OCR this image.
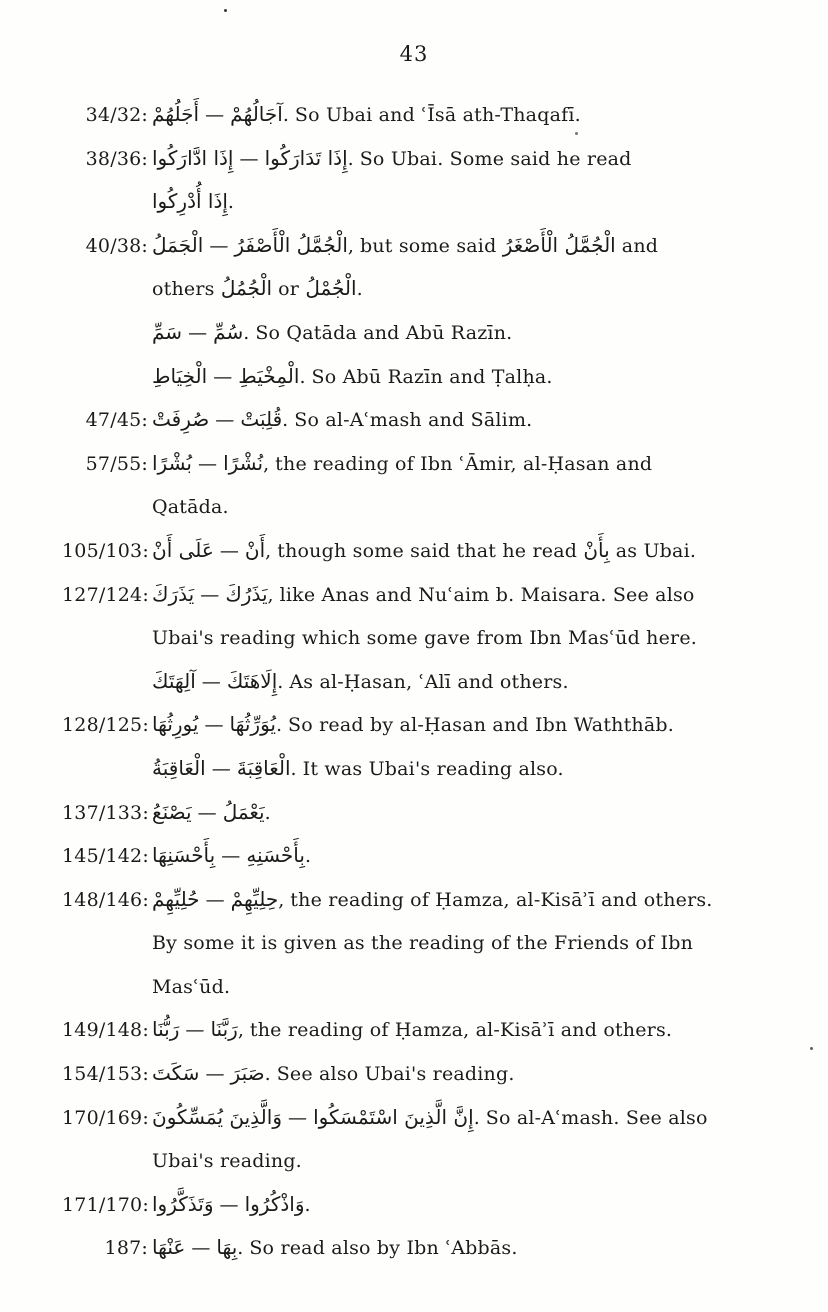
43
34/32: أَجَلُهُمْ — آجَالُهُمْ. So Ubai and ʿĪsā ath-Thaqafī.
38/36: إِذَا ادَّارَكُوا — إِذَا تَدَارَكُوا. So Ubai. Some said he read
إِذَا أُدْرِكُوا.
40/38: الْجَمَلُ — الْجُمَّلُ الْأَصْفَرُ, but some said الْجُمَّلُ الْأَصْغَرُ and
others الْجُمُلُ or الْجُمْلُ.
سَمِّ — سُمِّ. So Qatāda and Abū Razīn.
الْخِيَاطِ — الْمِخْيَطِ. So Abū Razīn and Ṭalḥa.
47/45: صُرِفَتْ — قُلِبَتْ. So al-Aʿmash and Sālim.
57/55: بُشْرًا — نُشْرًا, the reading of Ibn ʿĀmir, al-Ḥasan and Qatāda.
105/103: عَلَى أَنْ — أَنْ, though some said that he read بِأَنْ as Ubai.
127/124: يَذَرَكَ — يَذَرُكَ, like Anas and Nuʿaim b. Maisara. See also
Ubai's reading which some gave from Ibn Masʿūd here.
آلِهَتَكَ — إِلَاهَتَكَ. As al-Ḥasan, ʿAlī and others.
128/125: يُورِثُهَا — يُوَرِّثُهَا. So read by al-Ḥasan and Ibn Waththāb.
الْعَاقِبَةُ — الْعَاقِبَةَ. It was Ubai's reading also.
137/133: يَصْنَعُ — يَعْمَلُ.
145/142: بِأَحْسَنِهَا — بِأَحْسَنِهِ.
148/146: حُلِيِّهِمْ — حِلِيِّهِمْ, the reading of Ḥamza, al-Kisāʾī and others.
By some it is given as the reading of the Friends of Ibn
Masʿūd.
149/148: رَبُّنَا — رَبَّنَا, the reading of Ḥamza, al-Kisāʾī and others.
154/153: سَكَتَ — صَبَرَ. See also Ubai's reading.
170/169: وَالَّذِينَ يُمَسِّكُونَ — إِنَّ الَّذِينَ اسْتَمْسَكُوا. So al-Aʿmash. See also
Ubai's reading.
171/170: وَتَذَكَّرُوا — وَاذْكُرُوا.
187: عَنْهَا — بِهَا. So read also by Ibn ʿAbbās.
